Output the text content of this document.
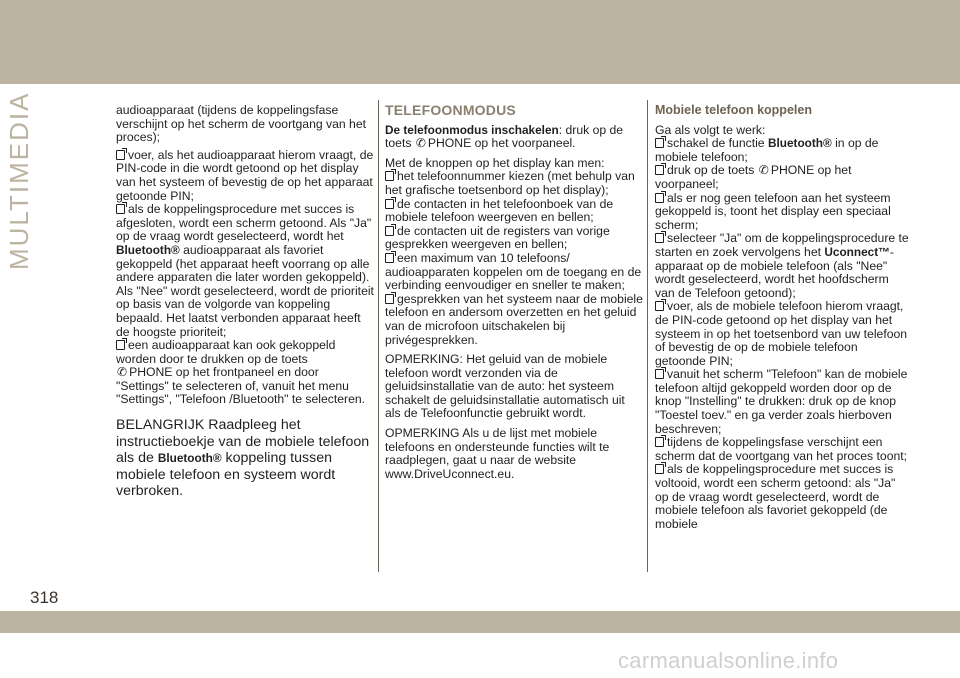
MULTIMEDIA	audioapparaat (tijdens de koppelingsfase verschijnt op het scherm de voortgang van het proces);

voer, als het audioapparaat hierom vraagt, de PIN-code in die wordt getoond op het display van het systeem of bevestig de op het apparaat getoonde PIN;
als de koppelingsprocedure met succes is afgesloten, wordt een scherm getoond. Als "Ja" op de vraag wordt geselecteerd, wordt het Bluetooth® audioapparaat als favoriet gekoppeld (het apparaat heeft voorrang op alle andere apparaten die later worden gekoppeld). Als "Nee" wordt geselecteerd, wordt de prioriteit op basis van de volgorde van koppeling bepaald. Het laatst verbonden apparaat heeft de hoogste prioriteit;
een audioapparaat kan ook gekoppeld worden door te drukken op de toets
✆ PHONE op het frontpaneel en door "Settings" te selecteren of, vanuit het menu "Settings", "Telefoon /Bluetooth" te selecteren.

BELANGRIJK Raadpleeg het instructieboekje van de mobiele telefoon als de Bluetooth® koppeling tussen mobiele telefoon en systeem wordt verbroken.

TELEFOONMODUS

De telefoonmodus inschakelen: druk op de toets ✆ PHONE op het voorpaneel.

Met de knoppen op het display kan men:

het telefoonnummer kiezen (met behulp van het grafische toetsenbord op het display);
de contacten in het telefoonboek van de mobiele telefoon weergeven en bellen;
de contacten uit de registers van vorige gesprekken weergeven en bellen;
een maximum van 10 telefoons/ audioapparaten koppelen om de toegang en de verbinding eenvoudiger en sneller te maken;
gesprekken van het systeem naar de mobiele telefoon en andersom overzetten en het geluid van de microfoon uitschakelen bij privégesprekken.

OPMERKING: Het geluid van de mobiele telefoon wordt verzonden via de geluidsinstallatie van de auto: het systeem schakelt de geluidsinstallatie automatisch uit als de Telefoonfunctie gebruikt wordt.

OPMERKING Als u de lijst met mobiele telefoons en ondersteunde functies wilt te raadplegen, gaat u naar de website www.DriveUconnect.eu.

Mobiele telefoon koppelen

Ga als volgt te werk:

schakel de functie Bluetooth® in op de mobiele telefoon;
druk op de toets ✆ PHONE op het voorpaneel;
als er nog geen telefoon aan het systeem gekoppeld is, toont het display een speciaal scherm;
selecteer "Ja" om de koppelingsprocedure te starten en zoek vervolgens het Uconnect™-apparaat op de mobiele telefoon (als "Nee" wordt geselecteerd, wordt het hoofdscherm van de Telefoon getoond);
voer, als de mobiele telefoon hierom vraagt, de PIN-code getoond op het display van het systeem in op het toetsenbord van uw telefoon of bevestig de op de mobiele telefoon getoonde PIN;
vanuit het scherm "Telefoon" kan de mobiele telefoon altijd gekoppeld worden door op de knop "Instelling" te drukken: druk op de knop "Toestel toev." en ga verder zoals hierboven beschreven;
tijdens de koppelingsfase verschijnt een scherm dat de voortgang van het proces toont;
als de koppelingsprocedure met succes is voltooid, wordt een scherm getoond: als "Ja" op de vraag wordt geselecteerd, wordt de mobiele telefoon als favoriet gekoppeld (de mobiele
318
carmanualsonline.info
